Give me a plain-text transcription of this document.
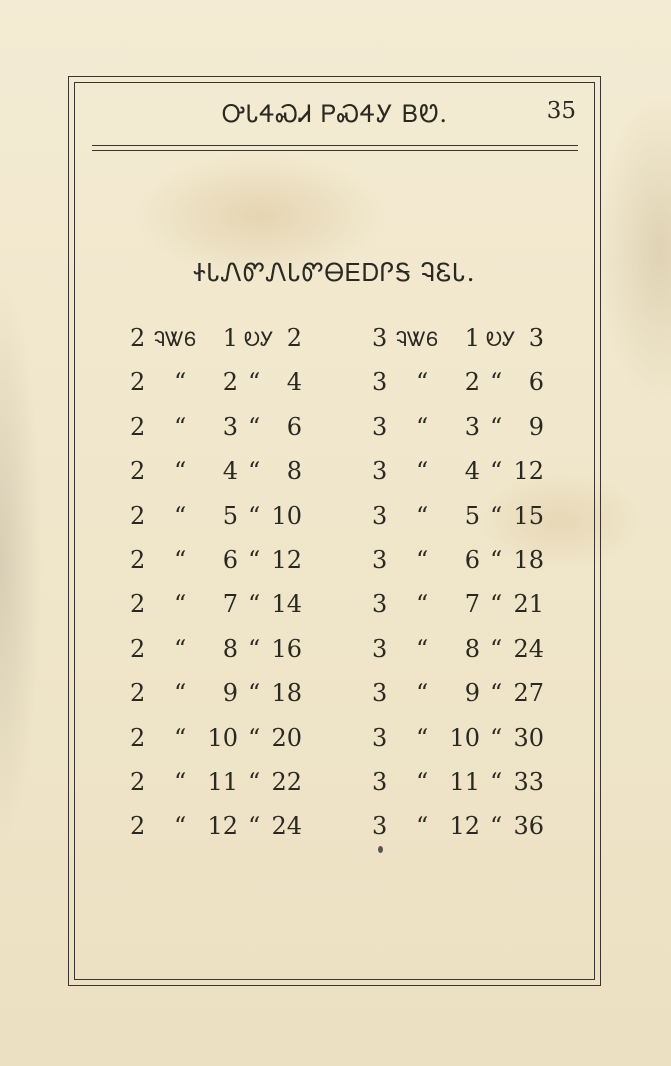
ᎤᏓᏎᏍᏗ ᏢᏍᏎᎩ ᏴᏬ.	35
ᏐᏓᏁᏛᏁᏓᏛᎾᎬᎠᎵᎦ ᎸᏋᏓ.
2 ᎸᏔᏮ	1 ᎧᎩ 2
2 “	2 “	4
2 “	3 “	6
2 “	4 “	8
2 “	5 “ 10
2 “	6 “ 12
2 “	7 “ 14
2 “	8 “ 16
2 “	9 “ 18
2 “ 10 “ 20
2 “ 11 “ 22
2 “ 12 “ 24
3 ᎸᏔᏮ	1 ᎧᎩ 3
3 “	2 “	6
3 “	3 “	9
3 “	4 “ 12
3 “	5 “ 15
3 “	6 “ 18
3 “	7 “ 21
3 “	8 “ 24
3 “	9 “ 27
3 “ 10 “ 30
3 “ 11 “ 33
3 “ 12 “ 36
